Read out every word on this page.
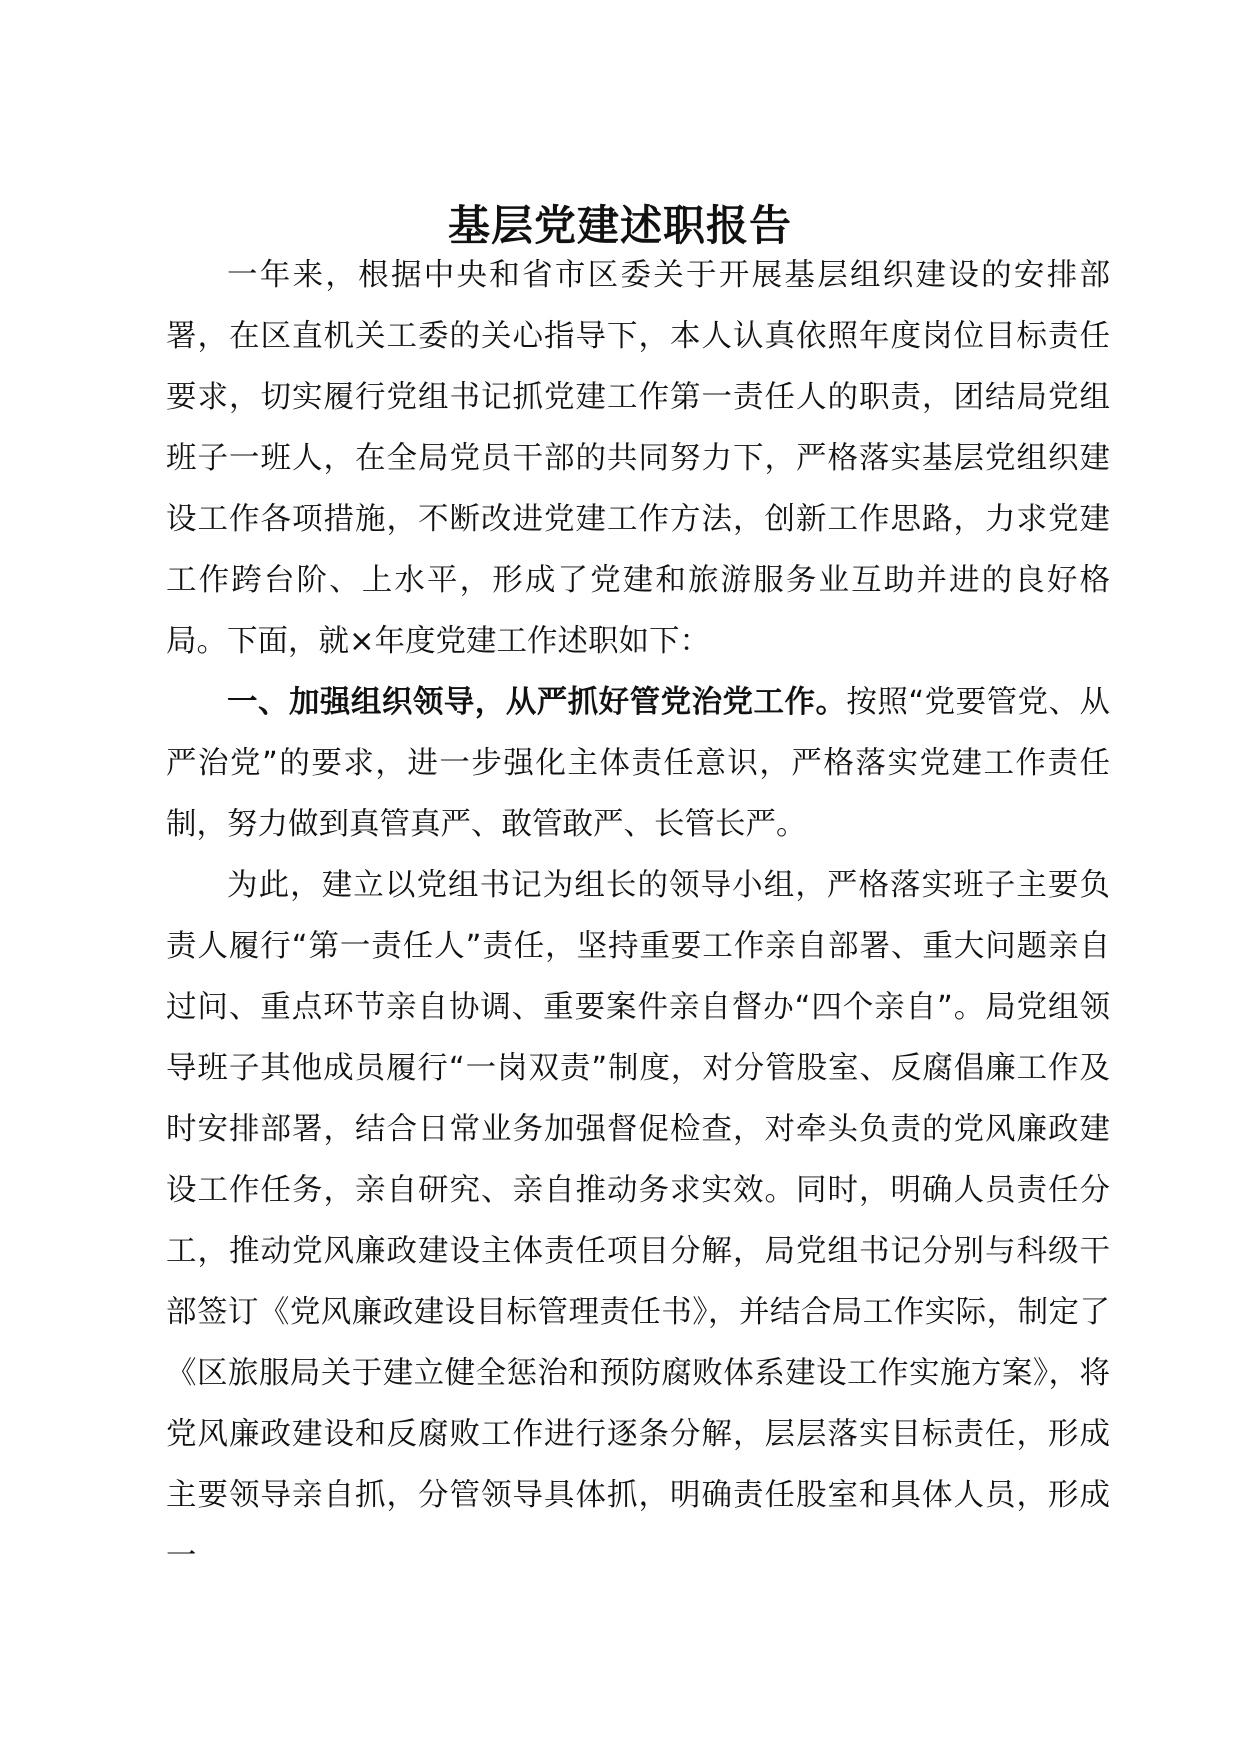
基层党建述职报告

一年来，根据中央和省市区委关于开展基层组织建设的安排部署，在区直机关工委的关心指导下，本人认真依照年度岗位目标责任要求，切实履行党组书记抓党建工作第一责任人的职责，团结局党组班子一班人，在全局党员干部的共同努力下，严格落实基层党组织建设工作各项措施，不断改进党建工作方法，创新工作思路，力求党建工作跨台阶、上水平，形成了党建和旅游服务业互助并进的良好格局。下面，就×年度党建工作述职如下：

一、加强组织领导，从严抓好管党治党工作。按照“党要管党、从严治党”的要求，进一步强化主体责任意识，严格落实党建工作责任制，努力做到真管真严、敢管敢严、长管长严。

为此，建立以党组书记为组长的领导小组，严格落实班子主要负责人履行“第一责任人”责任，坚持重要工作亲自部署、重大问题亲自过问、重点环节亲自协调、重要案件亲自督办“四个亲自”。局党组领导班子其他成员履行“一岗双责”制度，对分管股室、反腐倡廉工作及时安排部署，结合日常业务加强督促检查，对牵头负责的党风廉政建设工作任务，亲自研究、亲自推动务求实效。同时，明确人员责任分工，推动党风廉政建设主体责任项目分解，局党组书记分别与科级干部签订《党风廉政建设目标管理责任书》，并结合局工作实际，制定了《区旅服局关于建立健全惩治和预防腐败体系建设工作实施方案》，将党风廉政建设和反腐败工作进行逐条分解，层层落实目标责任，形成主要领导亲自抓，分管领导具体抓，明确责任股室和具体人员，形成一
